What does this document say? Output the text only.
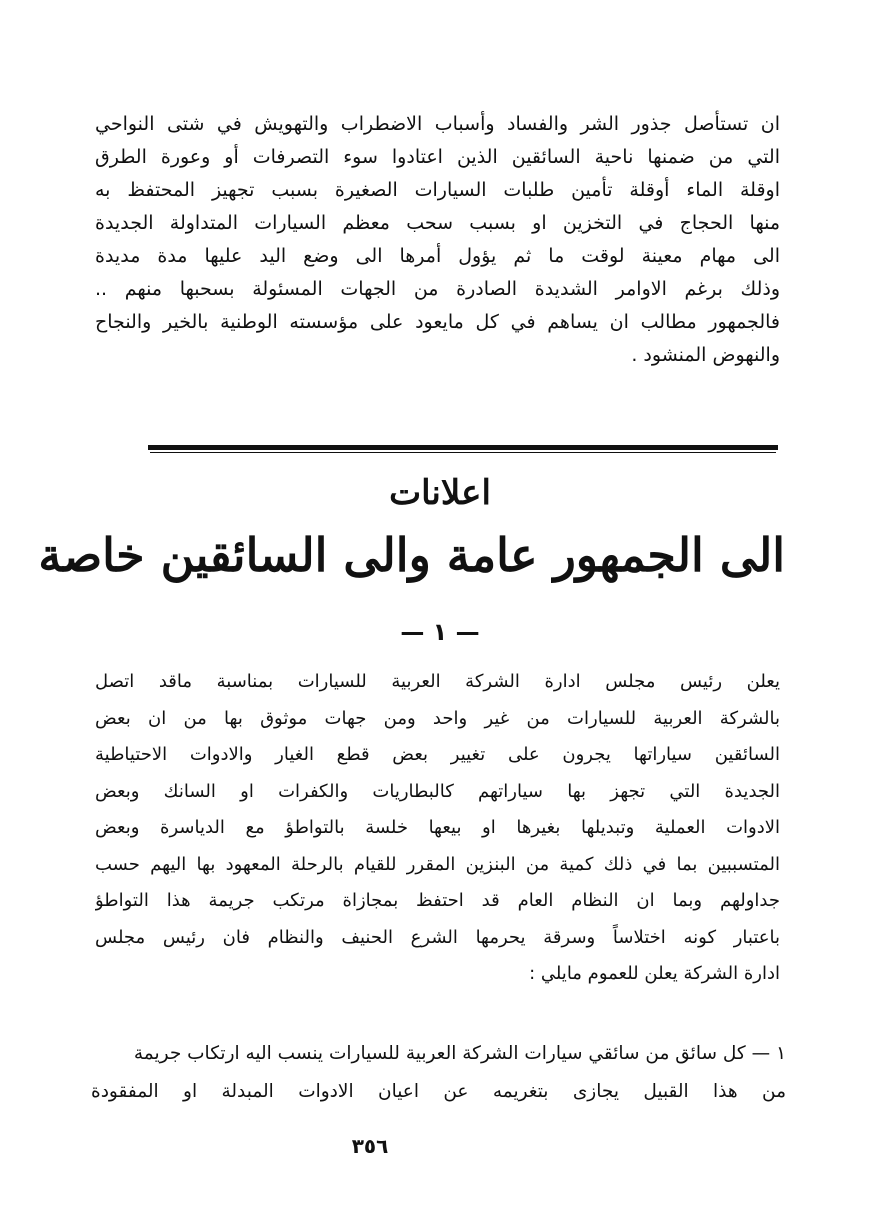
ان تستأصل جذور الشر والفساد وأسباب الاضطراب والتهويش في شتى النواحي
التي من ضمنها ناحية السائقين الذين اعتادوا سوء التصرفات أو وعورة الطرق
اوقلة الماء أوقلة تأمين طلبات السيارات الصغيرة بسبب تجهيز المحتفظ به
منها الحجاج في التخزين او بسبب سحب معظم السيارات المتداولة الجديدة
الى مهام معينة لوقت ما ثم يؤول أمرها الى وضع اليد عليها مدة مديدة
وذلك برغم الاوامر الشديدة الصادرة من الجهات المسئولة بسحبها منهم ..
فالجمهور مطالب ان يساهم في كل مايعود على مؤسسته الوطنية بالخير والنجاح
والنهوض المنشود .
اعلانات
الى الجمهور عامة والى السائقين خاصة
— ١ —
يعلن رئيس مجلس ادارة الشركة العربية للسيارات بمناسبة ماقد اتصل
بالشركة العربية للسيارات من غير واحد ومن جهات موثوق بها من ان بعض
السائقين سياراتها يجرون على تغيير بعض قطع الغيار والادوات الاحتياطية
الجديدة التي تجهز بها سياراتهم كالبطاريات والكفرات او السانك وبعض
الادوات العملية وتبديلها بغيرها او بيعها خلسة بالتواطؤ مع الدياسرة وبعض
المتسببين بما في ذلك كمية من البنزين المقرر للقيام بالرحلة المعهود بها اليهم حسب
جداولهم وبما ان النظام العام قد احتفظ بمجازاة مرتكب جريمة هذا التواطؤ
باعتبار كونه اختلاساً وسرقة يحرمها الشرع الحنيف والنظام فان رئيس مجلس
ادارة الشركة يعلن للعموم مايلي :
١ —كل سائق من سائقي سيارات الشركة العربية للسيارات ينسب اليه ارتكاب جريمة
من هذا القبيل يجازى بتغريمه عن اعيان الادوات المبدلة او المفقودة
٣٥٦
